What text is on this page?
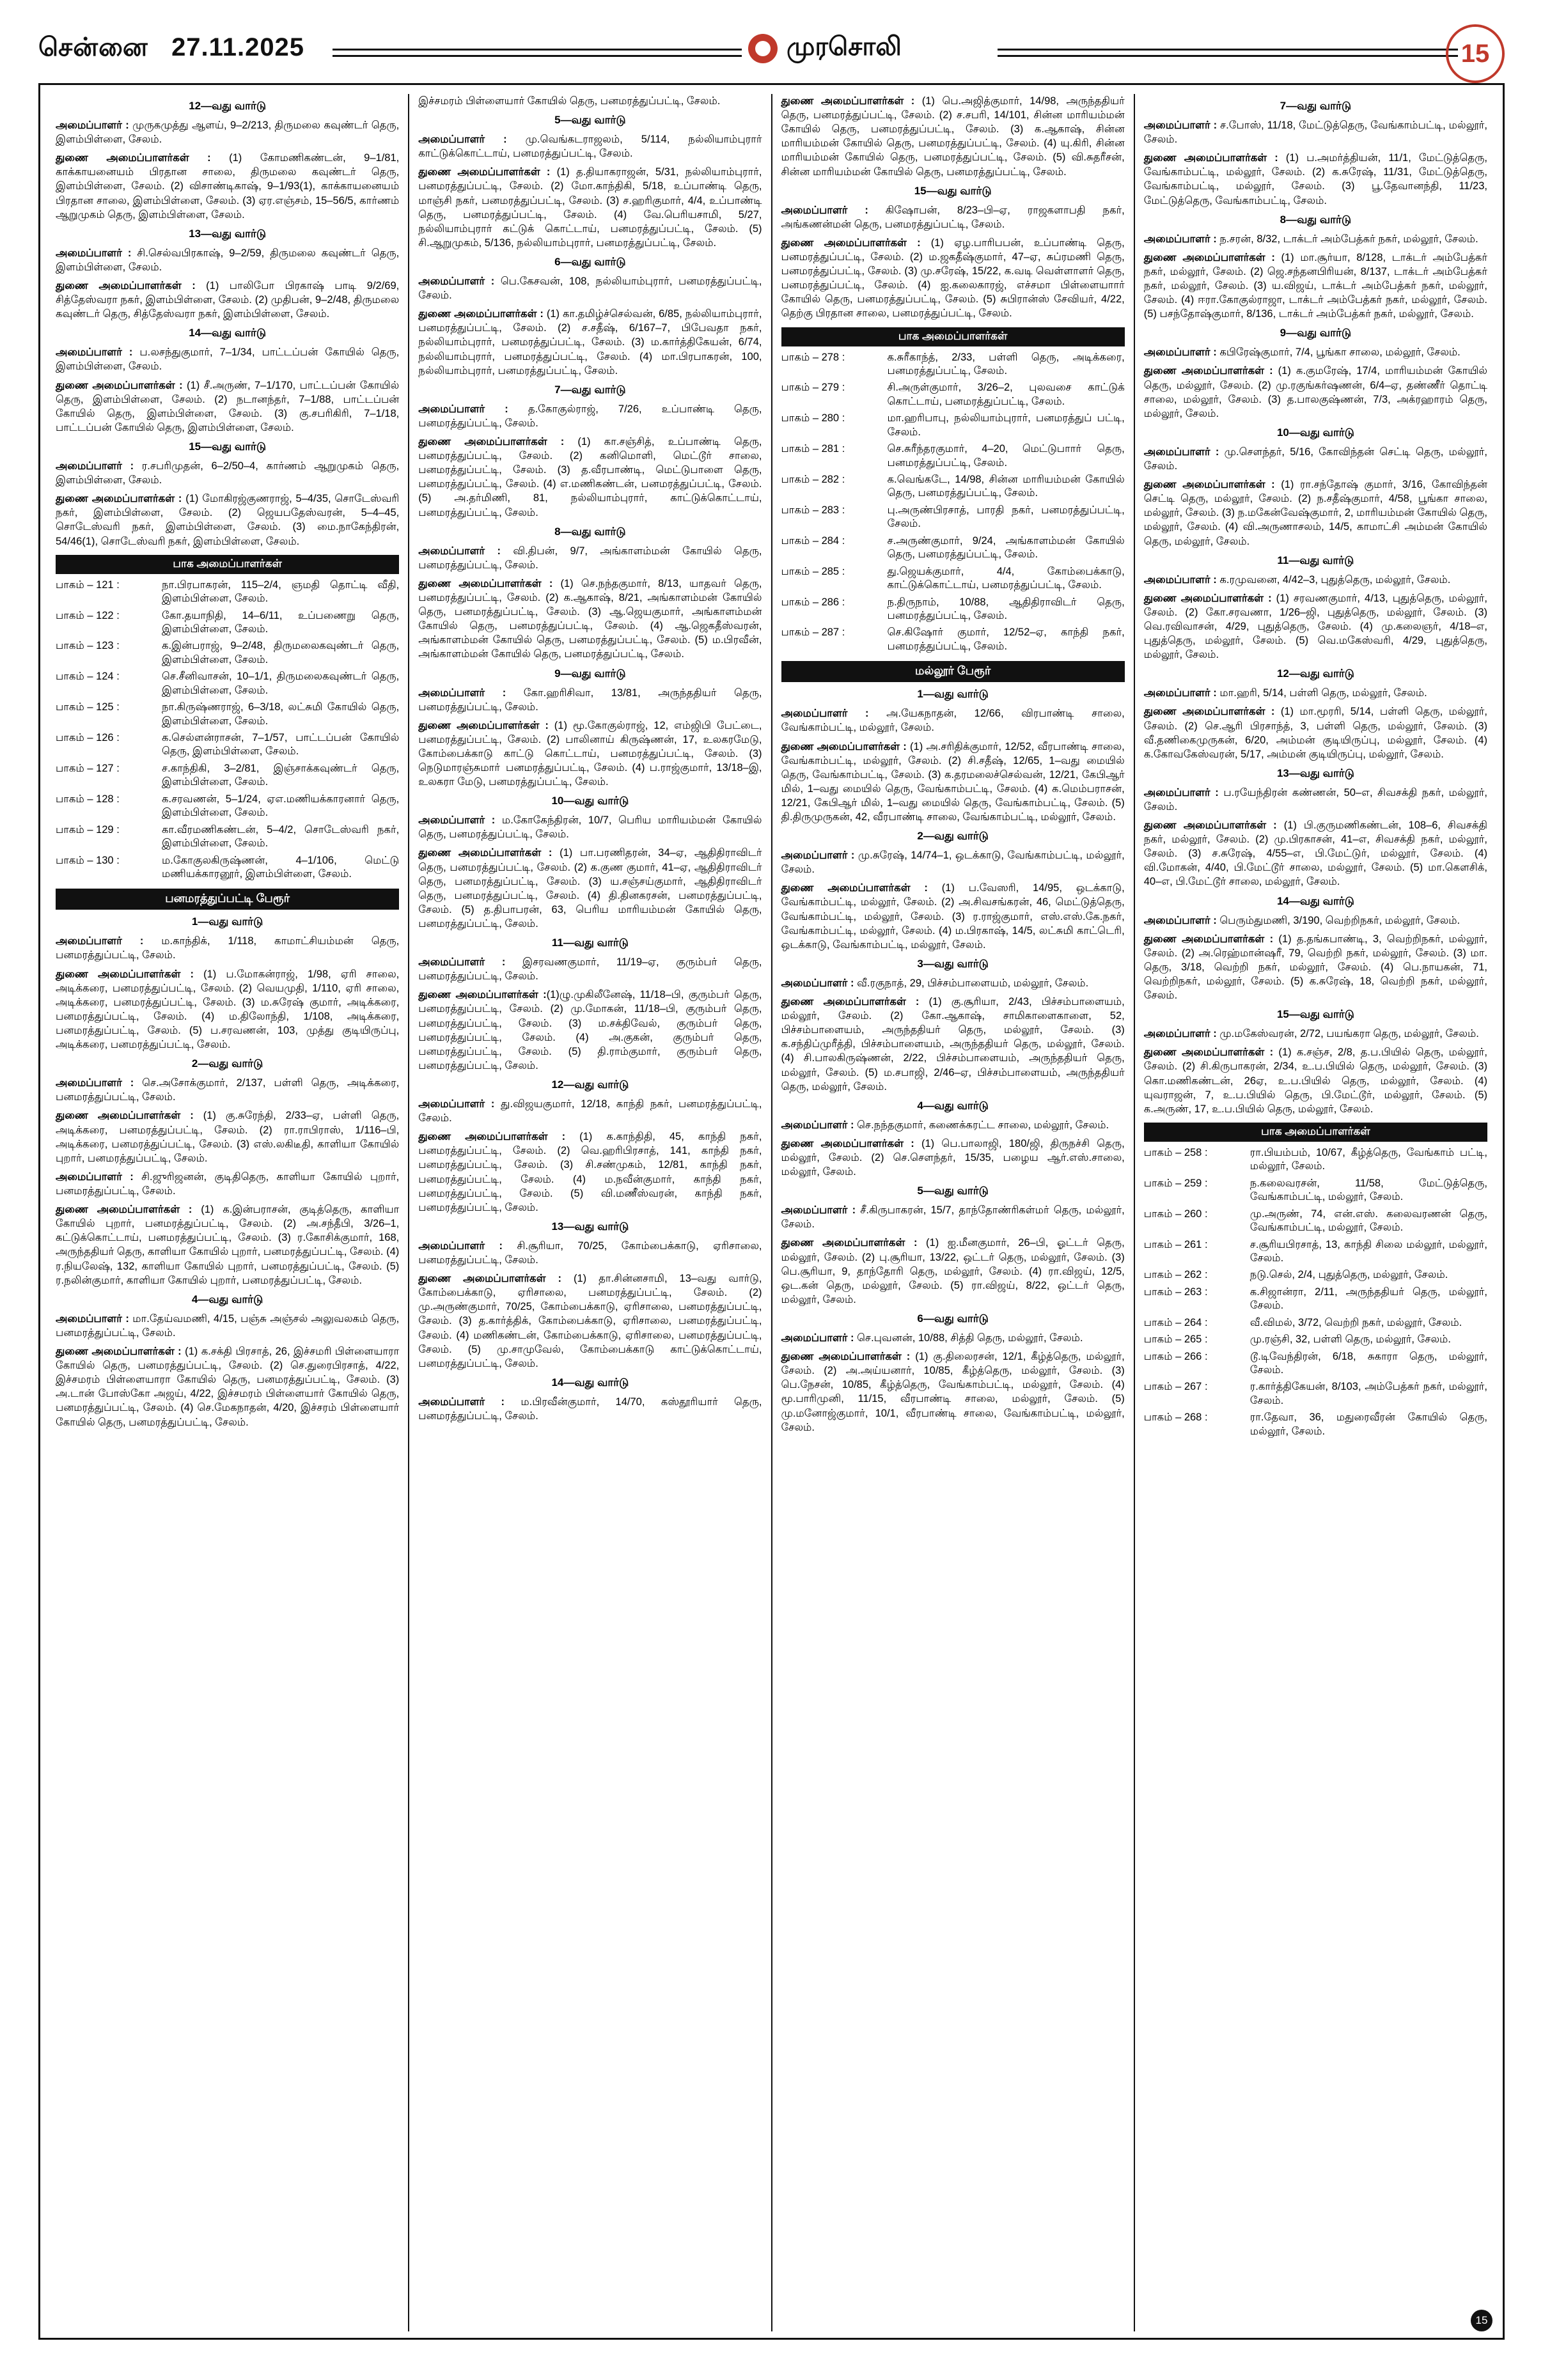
சென்னை 27.11.2025	முரசொலி	15
12—வது வார்டு

அமைப்பாளர் : முருகமுத்து ஆளய், 9–2/213, திருமலை கவுண்டர் தெரு, இளம்பிள்ளை, சேலம்.

துணை அமைப்பாளர்கள் : (1) கோமணிகண்டன், 9–1/81, காக்காயனையம் பிரதான சாலை, திருமலை கவுண்டர் தெரு, இளம்பிள்ளை, சேலம். (2) விசாண்டிகாஷ், 9–1/93(1), காக்காயனையம் பிரதான சாலை, இளம்பிள்ளை, சேலம். (3) ஏர.எஞ்சம், 15–56/5, கார்ணம் ஆறுமுகம் தெரு, இளம்பிள்ளை, சேலம்.

13—வது வார்டு

அமைப்பாளர் : சி.செல்வபிரகாஷ், 9–2/59, திருமலை கவுண்டர் தெரு, இளம்பிள்ளை, சேலம்.

துணை அமைப்பாளர்கள் : (1) பாலிபோ பிரகாஷ் பாடி 9/2/69, சித்தேஸ்வரா நகர், இளம்பிள்ளை, சேலம். (2) முதிபன், 9–2/48, திருமலை கவுண்டர் தெரு, சித்தேஸ்வரா நகர், இளம்பிள்ளை, சேலம்.

14—வது வார்டு

அமைப்பாளர் : ப.லசந்துகுமார், 7–1/34, பாட்டப்பன் கோயில் தெரு, இளம்பிள்ளை, சேலம்.

துணை அமைப்பாளர்கள் : (1) சீ.அருண், 7–1/170, பாட்டப்பன் கோயில் தெரு, இளம்பிள்ளை, சேலம். (2) நடானந்தர், 7–1/88, பாட்டப்பன் கோயில் தெரு, இளம்பிள்ளை, சேலம். (3) கு.சபரிகிரி, 7–1/18, பாட்டப்பன் கோயில் தெரு, இளம்பிள்ளை, சேலம்.

15—வது வார்டு

அமைப்பாளர் : ர.சபரிமுதன், 6–2/50–4, கார்ணம் ஆறுமுகம் தெரு, இளம்பிள்ளை, சேலம்.

துணை அமைப்பாளர்கள் : (1) மோகிரஜ்குணராஜ், 5–4/35, சொடேஸ்வரி நகர், இளம்பிள்ளை, சேலம். (2) ஜெயபதேஸ்வரன், 5–4–45, சொடேஸ்வரி நகர், இளம்பிள்ளை, சேலம். (3) மை.நாகேந்திரன், 54/46(1), சொடேஸ்வரி நகர், இளம்பிள்ளை, சேலம்.

பாக அமைப்பாளர்கள்
பாகம் – 121 :	நா.பிரபாகரன், 115–2/4, ஞமதி தொட்டி வீதி, இளம்பிள்ளை, சேலம்.
பாகம் – 122 :	கோ.தயாநிதி, 14–6/11, உப்பணைறு தெரு, இளம்பிள்ளை, சேலம்.
பாகம் – 123 :	க.இன்பராஜ், 9–2/48, திருமலைகவுண்டர் தெரு, இளம்பிள்ளை, சேலம்.
பாகம் – 124 :	செ.சீனிவாசன், 10–1/1, திருமலைகவுண்டர் தெரு, இளம்பிள்ளை, சேலம்.
பாகம் – 125 :	நா.கிருஷ்ணராஜ், 6–3/18, லட்சுமி கோயில் தெரு, இளம்பிள்ளை, சேலம்.
பாகம் – 126 :	க.செல்ளன்ராசன், 7–1/57, பாட்டப்பன் கோயில் தெரு, இளம்பிள்ளை, சேலம்.
பாகம் – 127 :	ச.காந்திகி, 3–2/81, இஞ்சாக்கவுண்டர் தெரு, இளம்பிள்ளை, சேலம்.
பாகம் – 128 :	க.சரவணன், 5–1/24, ஏஎ.மணியக்காரனார் தெரு, இளம்பிள்ளை, சேலம்.
பாகம் – 129 :	கா.வீரமணிகண்டன், 5–4/2, சொடேஸ்வரி நகர், இளம்பிள்ளை, சேலம்.
பாகம் – 130 :	ம.கோகுலகிருஷ்ணன், 4–1/106, மெட்டு மணியக்காரனூர், இளம்பிள்ளை, சேலம்.
பனமரத்துப்பட்டி பேரூர்
1—வது வார்டு

அமைப்பாளர் : ம.காந்திக், 1/118, காமாட்சியம்மன் தெரு, பனமரத்துப்பட்டி, சேலம்.

துணை அமைப்பாளர்கள் : (1) ப.மோகன்ராஜ், 1/98, ஏரி சாலை, அடிக்கரை, பனமரத்துப்பட்டி, சேலம். (2) வெயமுதி, 1/110, ஏரி சாலை, அடிக்கரை, பனமரத்துப்பட்டி, சேலம். (3) ம.சுரேஷ் குமார், அடிக்கரை, பனமரத்துப்பட்டி, சேலம். (4) ம.திலோந்தி, 1/108, அடிக்கரை, பனமரத்துப்பட்டி, சேலம். (5) ப.சரவணன், 103, முத்து குடியிருப்பு, அடிக்கரை, பனமரத்துப்பட்டி, சேலம்.

2—வது வார்டு

அமைப்பாளர் : செ.அசோக்குமார், 2/137, பள்ளி தெரு, அடிக்கரை, பனமரத்துப்பட்டி, சேலம்.

துணை அமைப்பாளர்கள் : (1) கு.சுரேந்தி, 2/33–ஏ, பள்ளி தெரு, அடிக்கரை, பனமரத்துப்பட்டி, சேலம். (2) ரா.ராபிராஸ், 1/116–பி, அடிக்கரை, பனமரத்துப்பட்டி, சேலம். (3) எஸ்.லகிடீதி, காளியா கோயில் புறார், பனமரத்துப்பட்டி, சேலம்.

அமைப்பாளர் : சி.ஜுரிஜனன், குடிதிதெரு, காளியா கோயில் புறார், பனமரத்துப்பட்டி, சேலம்.

துணை அமைப்பாளர்கள் : (1) க.இன்பராசன், குடித்தெரு, காளியா கோயில் புறார், பனமரத்துப்பட்டி, சேலம். (2) அ.சந்தீபி, 3/26–1, கட்டுக்கொட்டாய், பனமரத்துப்பட்டி, சேலம். (3) ர.கோசிக்குமார், 168, அருந்ததியர் தெரு, காளியா கோயில் புறார், பனமரத்துப்பட்டி, சேலம். (4) ர.நியலேஷ், 132, காளியா கோயில் புறார், பனமரத்துப்பட்டி, சேலம். (5) ர.நலின்குமார், காளியா கோயில் புறார், பனமரத்துப்பட்டி, சேலம்.

4—வது வார்டு

அமைப்பாளர் : மா.தேய்வமணி, 4/15, பஞ்சு அஞ்சல் அலுவலகம் தெரு, பனமரத்துப்பட்டி, சேலம்.

துணை அமைப்பாளர்கள் : (1) க.சக்தி பிரசாத், 26, இச்சமரி பிள்ளையாரா கோயில் தெரு, பனமரத்துப்பட்டி, சேலம். (2) செ.துரைபிரசாத், 4/22, இச்சமரம் பிள்ளையாரா கோயில் தெரு, பனமரத்துப்பட்டி, சேலம். (3) அ.டான் போஸ்கோ அஜய், 4/22, இச்சமரம் பிள்ளையார் கோயில் தெரு, பனமரத்துப்பட்டி, சேலம். (4) செ.மேகநாதன், 4/20, இச்சரம் பிள்ளையார் கோயில் தெரு, பனமரத்துப்பட்டி, சேலம்.

இச்சமரம் பிள்ளையார் கோயில் தெரு, பனமரத்துப்பட்டி, சேலம்.

5—வது வார்டு

அமைப்பாளர் : மு.வெங்கடராஜலம், 5/114, நல்லியாம்புரார் காட்டுக்கொட்டாய், பனமரத்துப்பட்டி, சேலம்.

துணை அமைப்பாளர்கள் : (1) த.தியாகராஜன், 5/31, நல்லியாம்புரார், பனமரத்துப்பட்டி, சேலம். (2) மோ.காந்திகி, 5/18, உப்பாண்டி தெரு, மாஞ்சி நகர், பனமரத்துப்பட்டி, சேலம். (3) ச.ஹரிகுமார், 4/4, உப்பாண்டி தெரு, பனமரத்துப்பட்டி, சேலம். (4) வே.பெரியசாமி, 5/27, நல்லியாம்புரார் கட்டுக் கொட்டாய், பனமரத்துப்பட்டி, சேலம். (5) சி.ஆறுமுகம், 5/136, நல்லியாம்புரார், பனமரத்துப்பட்டி, சேலம்.

6—வது வார்டு

அமைப்பாளர் : பெ.கேசவன், 108, நல்லியாம்புரார், பனமரத்துப்பட்டி, சேலம்.

துணை அமைப்பாளர்கள் : (1) கா.தமிழ்ச்செல்வன், 6/85, நல்லியாம்புரார், பனமரத்துப்பட்டி, சேலம். (2) ச.சதீஷ், 6/167–7, பிபேவதா நகர், நல்லியாம்புரார், பனமரத்துப்பட்டி, சேலம். (3) ம.கார்த்திகேயன், 6/74, நல்லியாம்புரார், பனமரத்துப்பட்டி, சேலம். (4) மா.பிரபாகரன், 100, நல்லியாம்புரார், பனமரத்துப்பட்டி, சேலம்.

7—வது வார்டு

அமைப்பாளர் : த.கோகுல்ராஜ், 7/26, உப்பாண்டி தெரு, பனமரத்துப்பட்டி, சேலம்.

துணை அமைப்பாளர்கள் : (1) கா.சஞ்சித், உப்பாண்டி தெரு, பனமரத்துப்பட்டி, சேலம். (2) கனிமொளி, மெட்டூர் சாலை, பனமரத்துப்பட்டி, சேலம். (3) த.வீரபாண்டி, மெட்டுபாளை தெரு, பனமரத்துப்பட்டி, சேலம். (4) எ.மணிகண்டன், பனமரத்துப்பட்டி, சேலம். (5) அ.தர்மிணி, 81, நல்லியாம்புரார், காட்டுக்கொட்டாய், பனமரத்துப்பட்டி, சேலம்.

8—வது வார்டு

அமைப்பாளர் : வி.திபன், 9/7, அங்காளம்மன் கோயில் தெரு, பனமரத்துப்பட்டி, சேலம்.

துணை அமைப்பாளர்கள் : (1) செ.நந்தகுமார், 8/13, யாதவர் தெரு, பனமரத்துப்பட்டி, சேலம். (2) க.ஆகாஷ், 8/21, அங்காளம்மன் கோயில் தெரு, பனமரத்துப்பட்டி, சேலம். (3) ஆ.ஜெயகுமார், அங்காளம்மன் கோயில் தெரு, பனமரத்துப்பட்டி, சேலம். (4) ஆ.ஜெகதீஸ்வரன், அங்காளம்மன் கோயில் தெரு, பனமரத்துப்பட்டி, சேலம். (5) ம.பிரவீன், அங்காளம்மன் கோயில் தெரு, பனமரத்துப்பட்டி, சேலம்.

9—வது வார்டு

அமைப்பாளர் : கோ.ஹரிசிவா, 13/81, அருந்ததியர் தெரு, பனமரத்துப்பட்டி, சேலம்.

துணை அமைப்பாளர்கள் : (1) மூ.கோகுல்ராஜ், 12, எம்ஜிபி பேட்டை, பனமரத்துப்பட்டி, சேலம். (2) பாலினாய் கிருஷ்ணன், 17, உலகரமேடு, கோம்பைக்காடு காட்டு கொட்டாய், பனமரத்துப்பட்டி, சேலம். (3) நெடுமாரஞ்சுமாா் பனமரத்துப்பட்டி, சேலம். (4) ப.ராஜ்குமார், 13/18–இ, உலகரா மேடு, பனமரத்துப்பட்டி, சேலம்.

10—வது வார்டு

அமைப்பாளர் : ம.கோகேந்திரன், 10/7, பெரிய மாரியம்மன் கோயில் தெரு, பனமரத்துப்பட்டி, சேலம்.

துணை அமைப்பாளர்கள் : (1) பா.பரணிதரன், 34–ஏ, ஆதிதிராவிடர் தெரு, பனமரத்துப்பட்டி, சேலம். (2) க.குண குமார், 41–ஏ, ஆதிதிராவிடர் தெரு, பனமரத்துப்பட்டி, சேலம். (3) ய.சஞ்சய்குமார், ஆதிதிராவிடர் தெரு, பனமரத்துப்பட்டி, சேலம். (4) தி.தினகரசன், பனமரத்துப்பட்டி, சேலம். (5) த.திபாபரன், 63, பெரிய மாரியம்மன் கோயில் தெரு, பனமரத்துப்பட்டி, சேலம்.

11—வது வார்டு

அமைப்பாளர் : இசரவணகுமார், 11/19–ஏ, குரும்பர் தெரு, பனமரத்துப்பட்டி, சேலம்.

துணை அமைப்பாளர்கள் :(1)ழு.முகிலீனேஷ், 11/18–பி, குரும்பர் தெரு, பனமரத்துப்பட்டி, சேலம். (2) மு.மோகன், 11/18–பி, குரும்பர் தெரு, பனமரத்துப்பட்டி, சேலம். (3) ம.சக்திவேல், குரும்பர் தெரு, பனமரத்துப்பட்டி, சேலம். (4) அ.குகன், குரும்பர் தெரு, பனமரத்துப்பட்டி, சேலம். (5) தி.ராம்குமார், குரும்பர் தெரு, பனமரத்துப்பட்டி, சேலம்.

12—வது வார்டு

அமைப்பாளர் : து.விஜயகுமார், 12/18, காந்தி நகர், பனமரத்துப்பட்டி, சேலம்.

துணை அமைப்பாளர்கள் : (1) க.காந்திதி, 45, காந்தி நகர், பனமரத்துப்பட்டி, சேலம். (2) வெ.ஹரிபிரசாத், 141, காந்தி நகர், பனமரத்துப்பட்டி, சேலம். (3) சி.சண்முகம், 12/81, காந்தி நகர், பனமரத்துப்பட்டி, சேலம். (4) ம.நவீன்குமார், காந்தி நகர், பனமரத்துப்பட்டி, சேலம். (5) வி.மணீஸ்வரன், காந்தி நகர், பனமரத்துப்பட்டி, சேலம்.

13—வது வார்டு

அமைப்பாளர் : சி.சூரியா, 70/25, கோம்பைக்காடு, ஏரிசாலை, பனமரத்துப்பட்டி, சேலம்.

துணை அமைப்பாளர்கள் : (1) தா.சின்னசாமி, 13–வது வார்டு, கோம்பைக்காடு, ஏரிசாலை, பனமரத்துப்பட்டி, சேலம். (2) மு.அருண்குமார், 70/25, கோம்பைக்காடு, ஏரிசாலை, பனமரத்துப்பட்டி, சேலம். (3) த.கார்த்திக், கோம்பைக்காடு, ஏரிசாலை, பனமரத்துப்பட்டி, சேலம். (4) மணிகண்டன், கோம்பைக்காடு, ஏரிசாலை, பனமரத்துப்பட்டி, சேலம். (5) மு.சாமுவேல், கோம்பைக்காடு காட்டுக்கொட்டாய், பனமரத்துப்பட்டி, சேலம்.

14—வது வார்டு

அமைப்பாளர் : ம.பிரவீன்குமார், 14/70, கஸ்தூரியார் தெரு, பனமரத்துப்பட்டி, சேலம்.

துணை அமைப்பாளர்கள் : (1) பெ.அஜித்குமார், 14/98, அருந்ததியர் தெரு, பனமரத்துப்பட்டி, சேலம். (2) ச.சபரி, 14/101, சின்ன மாரியம்மன் கோயில் தெரு, பனமரத்துப்பட்டி, சேலம். (3) க.ஆகாஷ், சின்ன மாரியம்மன் கோயில் தெரு, பனமரத்துப்பட்டி, சேலம். (4) யு.கிரி, சின்ன மாரியம்மன் கோயில் தெரு, பனமரத்துப்பட்டி, சேலம். (5) வி.சுதரீசன், சின்ன மாரியம்மன் கோயில் தெரு, பனமரத்துப்பட்டி, சேலம்.

15—வது வார்டு

அமைப்பாளர் : கிஷோபன், 8/23–பி–ஏ, ராஜகளாபதி நகர், அங்கணன்மன் தெரு, பனமரத்துப்பட்டி, சேலம்.

துணை அமைப்பாளர்கள் : (1) ஏழ.பாரிபபன், உப்பாண்டி தெரு, பனமரத்துப்பட்டி, சேலம். (2) ம.ஜகதீஷ்குமார், 47–ஏ, சுப்ரமணி தெரு, பனமரத்துப்பட்டி, சேலம். (3) மு.சரேஷ், 15/22, க.வடி வெள்ளாளர் தெரு, பனமரத்துப்பட்டி, சேலம். (4) ஐ.கலைகாரஜ், எச்சமா பிள்ளையாார் கோயில் தெரு, பனமரத்துப்பட்டி, சேலம். (5) சுபிரான்ஸ் சேவியர், 4/22, தெற்கு பிரதான சாலை, பனமரத்துப்பட்டி, சேலம்.

பாக அமைப்பாளர்கள்
பாகம் – 278 :	க.சுரீகாந்த், 2/33, பள்ளி தெரு, அடிக்கரை, பனமரத்துப்பட்டி, சேலம்.
பாகம் – 279 :	சி.அருள்குமார், 3/26–2, புலவசை காட்டுக் கொட்டாய், பனமரத்துப்பட்டி, சேலம்.
பாகம் – 280 :	மா.ஹரிபாபு, நல்லியாம்புரார், பனமரத்துப் பட்டி, சேலம்.
பாகம் – 281 :	செ.சுரீந்தரகுமார், 4–20, மெட்டுபாாா் தெரு, பனமரத்துப்பட்டி, சேலம்.
பாகம் – 282 :	க.வெங்கடே, 14/98, சின்ன மாரியம்மன் கோயில் தெரு, பனமரத்துப்பட்டி, சேலம்.
பாகம் – 283 :	பு.அருண்பிரசாத், பாரதி நகர், பனமரத்துப்பட்டி, சேலம்.
பாகம் – 284 :	ச.அருண்குமார், 9/24, அங்காளம்மன் கோயில் தெரு, பனமரத்துப்பட்டி, சேலம்.
பாகம் – 285 :	து.ஜெயக்குமார், 4/4, கோம்பைக்காடு, காட்டுக்கொட்டாய், பனமரத்துப்பட்டி, சேலம்.
பாகம் – 286 :	ந.திருநாம், 10/88, ஆதிதிராவிடர் தெரு, பனமரத்துப்பட்டி, சேலம்.
பாகம் – 287 :	செ.கிஷோர் குமார், 12/52–ஏ, காந்தி நகர், பனமரத்துப்பட்டி, சேலம்.
மல்லூர் பேரூர்
1—வது வார்டு

அமைப்பாளர் : அ.யேகநாதன், 12/66, விரபாண்டி சாலை, வேங்காம்பட்டி, மல்லூர், சேலம்.

துணை அமைப்பாளர்கள் : (1) அ.சரிதிக்குமார், 12/52, வீரபாண்டி சாலை, வேங்காம்பட்டி, மல்லூர், சேலம். (2) சி.சதீஷ், 12/65, 1–வது மையில் தெரு, வேங்காம்பட்டி, சேலம். (3) க.தரமலைச்செல்வன், 12/21, கேபிஆர் மில், 1–வது மையில் தெரு, வேங்காம்பட்டி, சேலம். (4) க.மெம்பராசன், 12/21, கேபிஆர் மில், 1–வது மையில் தெரு, வேங்காம்பட்டி, சேலம். (5) தி.திருமுருகன், 42, வீரபாண்டி சாலை, வேங்காம்பட்டி, மல்லூர், சேலம்.

2—வது வார்டு

அமைப்பாளர் : மு.சுரேஷ், 14/74–1, ஒடக்காடு, வேங்காம்பட்டி, மல்லூர், சேலம்.

துணை அமைப்பாளர்கள் : (1) ப.வேஸரி, 14/95, ஒடக்காடு, வேங்காம்பட்டி, மல்லூர், சேலம். (2) அ.சிவசங்கரன், 46, மெட்டுத்தெரு, வேங்காம்பட்டி, மல்லூர், சேலம். (3) ர.ராஜ்குமார், எஸ்.எஸ்.கே.நகர், வேங்காம்பட்டி, மல்லூர், சேலம். (4) ம.பிரகாஷ், 14/5, லட்சுமி காட்டெரி, ஒடக்காடு, வேங்காம்பட்டி, மல்லூர், சேலம்.

3—வது வார்டு

அமைப்பாளர் : வீ.ரகுநாத், 29, பிச்சம்பாளையம், மல்லூர், சேலம்.

துணை அமைப்பாளர்கள் : (1) கு.சூரியா, 2/43, பிச்சம்பாளையம், மல்லூர், சேலம். (2) கோ.ஆகாஷ், சாமிகாளைகாளை, 52, பிச்சம்பாளையம், அருந்ததியர் தெரு, மல்லூர், சேலம். (3) க.சந்திப்முரீத்தி, பிச்சம்பாளையம், அருந்ததியர் தெரு, மல்லூர், சேலம். (4) சி.பாலகிருஷ்ணன், 2/22, பிச்சம்பாளையம், அருந்ததியர் தெரு, மல்லூர், சேலம். (5) ம.சபாஜி, 2/46–ஏ, பிச்சம்பாளையம், அருந்ததியர் தெரு, மல்லூர், சேலம்.

4—வது வார்டு

அமைப்பாளர் : செ.நந்தகுமார், கணைக்கரட்ட சாலை, மல்லூர், சேலம்.

துணை அமைப்பாளர்கள் : (1) பெ.பாலாஜி, 180/ஜி, திருநச்சி தெரு, மல்லூர், சேலம். (2) செ.சௌந்தர், 15/35, பழைய ஆர்.எஸ்.சாலை, மல்லூர், சேலம்.

5—வது வார்டு

அமைப்பாளர் : சீ.கிருபாகரன், 15/7, தாந்தோண்ரிகள்மர் தெரு, மல்லூர், சேலம்.

துணை அமைப்பாளர்கள் : (1) ஐ.மீனகுமார், 26–பி, ஓட்டர் தெரு, மல்லூர், சேலம். (2) பு.சூரியா, 13/22, ஒட்டர் தெரு, மல்லூர், சேலம். (3) பெ.சூரியா, 9, தாந்தோரி தெரு, மல்லூர், சேலம். (4) ரா.விஜய், 12/5, ஒட.கன் தெரு, மல்லூர், சேலம். (5) ரா.விஜய், 8/22, ஒட்டர் தெரு, மல்லூர், சேலம்.

6—வது வார்டு

அமைப்பாளர் : செ.புவனன், 10/88, சித்தி தெரு, மல்லூர், சேலம்.

துணை அமைப்பாளர்கள் : (1) கு.திலைரசன், 12/1, கீழ்த்தெரு, மல்லூர், சேலம். (2) அ.அய்யனார், 10/85, கீழ்த்தெரு, மல்லூர், சேலம். (3) பெ.நேசன், 10/85, கீழ்த்தெரு, வேங்காம்பட்டி, மல்லூர், சேலம். (4) மூ.பாரிமுனி, 11/15, வீரபாண்டி சாலை, மல்லூர், சேலம். (5) மு.மனோஜ்குமார், 10/1, வீரபாண்டி சாலை, வேங்காம்பட்டி, மல்லூர், சேலம்.

7—வது வார்டு

அமைப்பாளர் : ச.போஸ், 11/18, மேட்டுத்தெரு, வேங்காம்பட்டி, மல்லூர், சேலம்.

துணை அமைப்பாளர்கள் : (1) ப.அமர்த்தியன், 11/1, மேட்டுத்தெரு, வேங்காம்பட்டி, மல்லூர், சேலம். (2) க.சுரேஷ், 11/31, மேட்டுத்தெரு, வேங்காம்பட்டி, மல்லூர், சேலம். (3) பூ.தேவானந்தி, 11/23, மேட்டுத்தெரு, வேங்காம்பட்டி, சேலம்.

8—வது வார்டு

அமைப்பாளர் : ந.சரன், 8/32, டாக்டர் அம்பேத்கர் நகர், மல்லூர், சேலம்.

துணை அமைப்பாளர்கள் : (1) மா.சூர்யா, 8/128, டாக்டர் அம்பேத்கர் நகர், மல்லூர், சேலம். (2) ஜெ.சந்தனபிரியன், 8/137, டாக்டர் அம்பேத்கர் நகர், மல்லூர், சேலம். (3) ய.விஜய், டாக்டர் அம்பேத்கர் நகர், மல்லூர், சேலம். (4) ஈரா.கோகுல்ராஜா, டாக்டர் அம்பேத்கர் நகர், மல்லூர், சேலம். (5) பசந்தோஷ்குமார், 8/136, டாக்டர் அம்பேத்கர் நகர், மல்லூர், சேலம்.

9—வது வார்டு

அமைப்பாளர் : கபிரேஷ்குமார், 7/4, பூங்கா சாலை, மல்லூர், சேலம்.

துணை அமைப்பாளர்கள் : (1) க.குமரேஷ், 17/4, மாரியம்மன் கோயில் தெரு, மல்லூர், சேலம். (2) மு.ரகுங்கர்ஷணன், 6/4–ஏ, தண்ணீர் தொட்டி சாலை, மல்லூர், சேலம். (3) த.பாலகுஷ்ணன், 7/3, அக்ரஹாரம் தெரு, மல்லூர், சேலம்.

10—வது வார்டு

அமைப்பாளர் : மு.சௌந்தர், 5/16, கோவிந்தன் செட்டி தெரு, மல்லூர், சேலம்.

துணை அமைப்பாளர்கள் : (1) ரா.சந்தோஷ் குமார், 3/16, கோவிந்தன் செட்டி தெரு, மல்லூர், சேலம். (2) ந.சதீஷ்குமார், 4/58, பூங்கா சாலை, மல்லூர், சேலம். (3) ந.மகேன்வேஷ்குமார், 2, மாரியம்மன் கோயில் தெரு, மல்லூர், சேலம். (4) வி.அருணாசலம், 14/5, காமாட்சி அம்மன் கோயில் தெரு, மல்லூர், சேலம்.

11—வது வார்டு

அமைப்பாளர் : க.ரமுவனை, 4/42–3, புதுத்தெரு, மல்லூர், சேலம்.

துணை அமைப்பாளர்கள் : (1) சரவணகுமார், 4/13, புதுத்தெரு, மல்லூர், சேலம். (2) கோ.சரவணா, 1/26–ஜி, புதுத்தெரு, மல்லூர், சேலம். (3) வெ.ரவிவாசன், 4/29, புதுத்தெரு, சேலம். (4) மு.கலைஞர், 4/18–எ, புதுத்தெரு, மல்லூர், சேலம். (5) வெ.மகேஸ்வரி, 4/29, புதுத்தெரு, மல்லூர், சேலம்.

12—வது வார்டு

அமைப்பாளர் : மா.ஹரி, 5/14, பள்ளி தெரு, மல்லூர், சேலம்.

துணை அமைப்பாளர்கள் : (1) மா.மூரரி, 5/14, பள்ளி தெரு, மல்லூர், சேலம். (2) செ.ஆரி பிரசாந்த், 3, பள்ளி தெரு, மல்லூர், சேலம். (3) வீ.தணிகைமுருகன், 6/20, அம்மன் குடியிருப்பு, மல்லூர், சேலம். (4) க.கோவகேஸ்வரன், 5/17, அம்மன் குடியிருப்பு, மல்லூர், சேலம்.

13—வது வார்டு

அமைப்பாளர் : ப.ரயேந்திரன் கண்ணன், 50–எ, சிவசக்தி நகர், மல்லூர், சேலம்.

துணை அமைப்பாளர்கள் : (1) பி.குருமணிகண்டன், 108–6, சிவசக்தி நகர், மல்லூர், சேலம். (2) மு.பிரகாசன், 41–எ, சிவசக்தி நகர், மல்லூர், சேலம். (3) ச.சுரேஷ், 4/55–எ, பி.மேட்டுர், மல்லூர், சேலம். (4) வி.மோகன், 4/40, பி.மேட்டூர் சாலை, மல்லூர், சேலம். (5) மா.கௌசிக், 40–எ, பி.மேட்டூர் சாலை, மல்லூர், சேலம்.

14—வது வார்டு

அமைப்பாளர் : பெரும்துமணி, 3/190, வெற்றிநகர், மல்லூர், சேலம்.

துணை அமைப்பாளர்கள் : (1) த.தங்கபாண்டி, 3, வெற்றிநகர், மல்லூர், சேலம். (2) அ.ரெஹ்மான்ஷரீ, 79, வெற்றி நகர், மல்லூர், சேலம். (3) மா. தெரு, 3/18, வெற்றி நகர், மல்லூர், சேலம். (4) பெ.நாயகன், 71, வெற்றிநகர், மல்லூர், சேலம். (5) க.சுரேஷ், 18, வெற்றி நகர், மல்லூர், சேலம்.

15—வது வார்டு

அமைப்பாளர் : மு.மகேஸ்வரன், 2/72, பயங்கரா தெரு, மல்லூர், சேலம்.

துணை அமைப்பாளர்கள் : (1) க.சஞ்ச, 2/8, த.ப.பியில் தெரு, மல்லூர், சேலம். (2) சி.கிருபாகரன், 2/34, உ.ப.பியில் தெரு, மல்லூர், சேலம். (3) கொ.மணிகண்டன், 26ஏ, உ.ப.பியில் தெரு, மல்லூர், சேலம். (4) யுவராஜன், 7, உ.ப.பியில் தெரு, பி.மேட்டூர், மல்லூர், சேலம். (5) க.அருண், 17, உ.ப.பியில் தெரு, மல்லூர், சேலம்.

பாக அமைப்பாளர்கள்
பாகம் – 258 :	ரா.பியம்பம், 10/67, கீழ்த்தெரு, வேங்காம் பட்டி, மல்லூர், சேலம்.
பாகம் – 259 :	ந.கலைவரசன், 11/58, மேட்டுத்தெரு, வேங்காம்பட்டி, மல்லூர், சேலம்.
பாகம் – 260 :	மு.அருண், 74, என்.எஸ். கலைவரணன் தெரு, வேங்காம்பட்டி, மல்லூர், சேலம்.
பாகம் – 261 :	ச.சூரியபிரசாத், 13, காந்தி சிலை மல்லூர், மல்லூர், சேலம்.
பாகம் – 262 :	நடு.செல், 2/4, புதுத்தெரு, மல்லூர், சேலம்.
பாகம் – 263 :	க.சிஜான்ரா, 2/11, அருந்ததியர் தெரு, மல்லூர், சேலம்.
பாகம் – 264 :	வீ.விமல், 3/72, வெற்றி நகர், மல்லூர், சேலம்.
பாகம் – 265 :	மு.ரஞ்சி, 32, பள்ளி தெரு, மல்லூர், சேலம்.
பாகம் – 266 :	டூ.டிவேந்திரன், 6/18, சுகாரா தெரு, மல்லூர், சேலம்.
பாகம் – 267 :	ர.கார்த்திகேயன், 8/103, அம்பேத்கர் நகர், மல்லூர், சேலம்.
பாகம் – 268 :	ரா.தேவா, 36, மதுரைவீரன் கோயில் தெரு, மல்லூர், சேலம்.
15
